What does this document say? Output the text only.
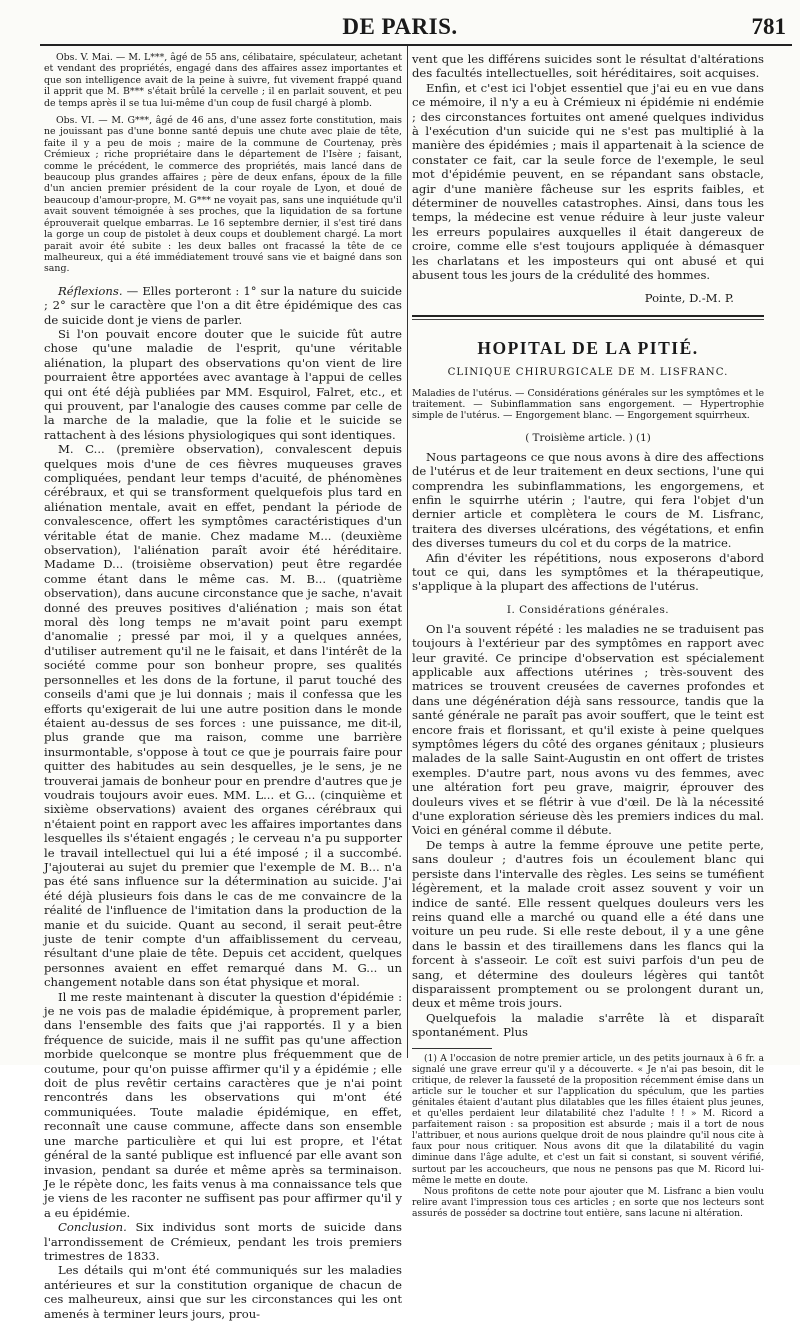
DE PARIS.	781

Obs. V. Mai. — M. L***, âgé de 55 ans, célibataire, spéculateur, achetant et vendant des propriétés, engagé dans des affaires assez importantes et que son intelligence avait de la peine à suivre, fut vivement frappé quand il apprit que M. B*** s'était brûlé la cervelle ; il en parlait souvent, et peu de temps après il se tua lui-même d'un coup de fusil chargé à plomb.

Obs. VI. — M. G***, âgé de 46 ans, d'une assez forte constitution, mais ne jouissant pas d'une bonne santé depuis une chute avec plaie de tête, faite il y a peu de mois ; maire de la commune de Courtenay, près Crémieux ; riche propriétaire dans le département de l'Isère ; faisant, comme le précédent, le commerce des propriétés, mais lancé dans de beaucoup plus grandes affaires ; père de deux enfans, époux de la fille d'un ancien premier président de la cour royale de Lyon, et doué de beaucoup d'amour-propre, M. G*** ne voyait pas, sans une inquiétude qu'il avait souvent témoignée à ses proches, que la liquidation de sa fortune éprouverait quelque embarras. Le 16 septembre dernier, il s'est tiré dans la gorge un coup de pistolet à deux coups et doublement chargé. La mort parait avoir été subite : les deux balles ont fracassé la tête de ce malheureux, qui a été immédiatement trouvé sans vie et baigné dans son sang.

Réflexions. — Elles porteront : 1° sur la nature du suicide ; 2° sur le caractère que l'on a dit être épidémique des cas de suicide dont je viens de parler.

Si l'on pouvait encore douter que le suicide fût autre chose qu'une maladie de l'esprit, qu'une véritable aliénation, la plupart des observations qu'on vient de lire pourraient être apportées avec avantage à l'appui de celles qui ont été déjà publiées par MM. Esquirol, Falret, etc., et qui prouvent, par l'analogie des causes comme par celle de la marche de la maladie, que la folie et le suicide se rattachent à des lésions physiologiques qui sont identiques.

M. C... (première observation), convalescent depuis quelques mois d'une de ces fièvres muqueuses graves compliquées, pendant leur temps d'acuité, de phénomènes cérébraux, et qui se transforment quelquefois plus tard en aliénation mentale, avait en effet, pendant la période de convalescence, offert les symptômes caractéristiques d'un véritable état de manie. Chez madame M... (deuxième observation), l'aliénation paraît avoir été héréditaire. Madame D... (troisième observation) peut être regardée comme étant dans le même cas. M. B... (quatrième observation), dans aucune circonstance que je sache, n'avait donné des preuves positives d'aliénation ; mais son état moral dès long temps ne m'avait point paru exempt d'anomalie ; pressé par moi, il y a quelques années, d'utiliser autrement qu'il ne le faisait, et dans l'intérêt de la société comme pour son bonheur propre, ses qualités personnelles et les dons de la fortune, il parut touché des conseils d'ami que je lui donnais ; mais il confessa que les efforts qu'exigerait de lui une autre position dans le monde étaient au-dessus de ses forces : une puissance, me dit-il, plus grande que ma raison, comme une barrière insurmontable, s'oppose à tout ce que je pourrais faire pour quitter des habitudes au sein desquelles, je le sens, je ne trouverai jamais de bonheur pour en prendre d'autres que je voudrais toujours avoir eues. MM. L... et G... (cinquième et sixième observations) avaient des organes cérébraux qui n'étaient point en rapport avec les affaires importantes dans lesquelles ils s'étaient engagés ; le cerveau n'a pu supporter le travail intellectuel qui lui a été imposé ; il a succombé. J'ajouterai au sujet du premier que l'exemple de M. B... n'a pas été sans influence sur la détermination au suicide. J'ai été déjà plusieurs fois dans le cas de me convaincre de la réalité de l'influence de l'imitation dans la production de la manie et du suicide. Quant au second, il serait peut-être juste de tenir compte d'un affaiblissement du cerveau, résultant d'une plaie de tête. Depuis cet accident, quelques personnes avaient en effet remarqué dans M. G... un changement notable dans son état physique et moral.

Il me reste maintenant à discuter la question d'épidémie : je ne vois pas de maladie épidémique, à proprement parler, dans l'ensemble des faits que j'ai rapportés. Il y a bien fréquence de suicide, mais il ne suffit pas qu'une affection morbide quelconque se montre plus fréquemment que de coutume, pour qu'on puisse affirmer qu'il y a épidémie ; elle doit de plus revêtir certains caractères que je n'ai point rencontrés dans les observations qui m'ont été communiquées. Toute maladie épidémique, en effet, reconnaît une cause commune, affecte dans son ensemble une marche particulière et qui lui est propre, et l'état général de la santé publique est influencé par elle avant son invasion, pendant sa durée et même après sa terminaison. Je le répète donc, les faits venus à ma connaissance tels que je viens de les raconter ne suffisent pas pour affirmer qu'il y a eu épidémie.

Conclusion. Six individus sont morts de suicide dans l'arrondissement de Crémieux, pendant les trois premiers trimestres de 1833.

Les détails qui m'ont été communiqués sur les maladies antérieures et sur la constitution organique de chacun de ces malheureux, ainsi que sur les circonstances qui les ont amenés à terminer leurs jours, prou-

vent que les différens suicides sont le résultat d'altérations des facultés intellectuelles, soit héréditaires, soit acquises.

Enfin, et c'est ici l'objet essentiel que j'ai eu en vue dans ce mémoire, il n'y a eu à Crémieux ni épidémie ni endémie ; des circonstances fortuites ont amené quelques individus à l'exécution d'un suicide qui ne s'est pas multiplié à la manière des épidémies ; mais il appartenait à la science de constater ce fait, car la seule force de l'exemple, le seul mot d'épidémie peuvent, en se répandant sans obstacle, agir d'une manière fâcheuse sur les esprits faibles, et déterminer de nouvelles catastrophes. Ainsi, dans tous les temps, la médecine est venue réduire à leur juste valeur les erreurs populaires auxquelles il était dangereux de croire, comme elle s'est toujours appliquée à démasquer les charlatans et les imposteurs qui ont abusé et qui abusent tous les jours de la crédulité des hommes.

Pointe, D.-M. P.

HOPITAL DE LA PITIÉ.

CLINIQUE CHIRURGICALE DE M. LISFRANC.

Maladies de l'utérus. — Considérations générales sur les symptômes et le traitement. — Subinflammation sans engorgement. — Hypertrophie simple de l'utérus. — Engorgement blanc. — Engorgement squirrheux.

( Troisième article. ) (1)

Nous partageons ce que nous avons à dire des affections de l'utérus et de leur traitement en deux sections, l'une qui comprendra les subinflammations, les engorgemens, et enfin le squirrhe utérin ; l'autre, qui fera l'objet d'un dernier article et complètera le cours de M. Lisfranc, traitera des diverses ulcérations, des végétations, et enfin des diverses tumeurs du col et du corps de la matrice.

Afin d'éviter les répétitions, nous exposerons d'abord tout ce qui, dans les symptômes et la thérapeutique, s'applique à la plupart des affections de l'utérus.

I. Considérations générales.

On l'a souvent répété : les maladies ne se traduisent pas toujours à l'extérieur par des symptômes en rapport avec leur gravité. Ce principe d'observation est spécialement applicable aux affections utérines ; très-souvent des matrices se trouvent creusées de cavernes profondes et dans une dégénération déjà sans ressource, tandis que la santé générale ne paraît pas avoir souffert, que le teint est encore frais et florissant, et qu'il existe à peine quelques symptômes légers du côté des organes génitaux ; plusieurs malades de la salle Saint-Augustin en ont offert de tristes exemples. D'autre part, nous avons vu des femmes, avec une altération fort peu grave, maigrir, éprouver des douleurs vives et se flétrir à vue d'œil. De là la nécessité d'une exploration sérieuse dès les premiers indices du mal. Voici en général comme il débute.

De temps à autre la femme éprouve une petite perte, sans douleur ; d'autres fois un écoulement blanc qui persiste dans l'intervalle des règles. Les seins se tuméfient légèrement, et la malade croit assez souvent y voir un indice de santé. Elle ressent quelques douleurs vers les reins quand elle a marché ou quand elle a été dans une voiture un peu rude. Si elle reste debout, il y a une gêne dans le bassin et des tiraillemens dans les flancs qui la forcent à s'asseoir. Le coït est suivi parfois d'un peu de sang, et détermine des douleurs légères qui tantôt disparaissent promptement ou se prolongent durant un, deux et même trois jours.

Quelquefois la maladie s'arrête là et disparaît spontanément. Plus

(1) A l'occasion de notre premier article, un des petits journaux à 6 fr. a signalé une grave erreur qu'il y a découverte. « Je n'ai pas besoin, dit le critique, de relever la fausseté de la proposition récemment émise dans un article sur le toucher et sur l'application du spéculum, que les parties génitales étaient d'autant plus dilatables que les filles étaient plus jeunes, et qu'elles perdaient leur dilatabilité chez l'adulte ! ! » M. Ricord a parfaitement raison : sa proposition est absurde ; mais il a tort de nous l'attribuer, et nous aurions quelque droit de nous plaindre qu'il nous cite à faux pour nous critiquer. Nous avons dit que la dilatabilité du vagin diminue dans l'âge adulte, et c'est un fait si constant, si souvent vérifié, surtout par les accoucheurs, que nous ne pensons pas que M. Ricord lui-même le mette en doute.

Nous profitons de cette note pour ajouter que M. Lisfranc a bien voulu relire avant l'impression tous ces articles ; en sorte que nos lecteurs sont assurés de posséder sa doctrine tout entière, sans lacune ni altération.
